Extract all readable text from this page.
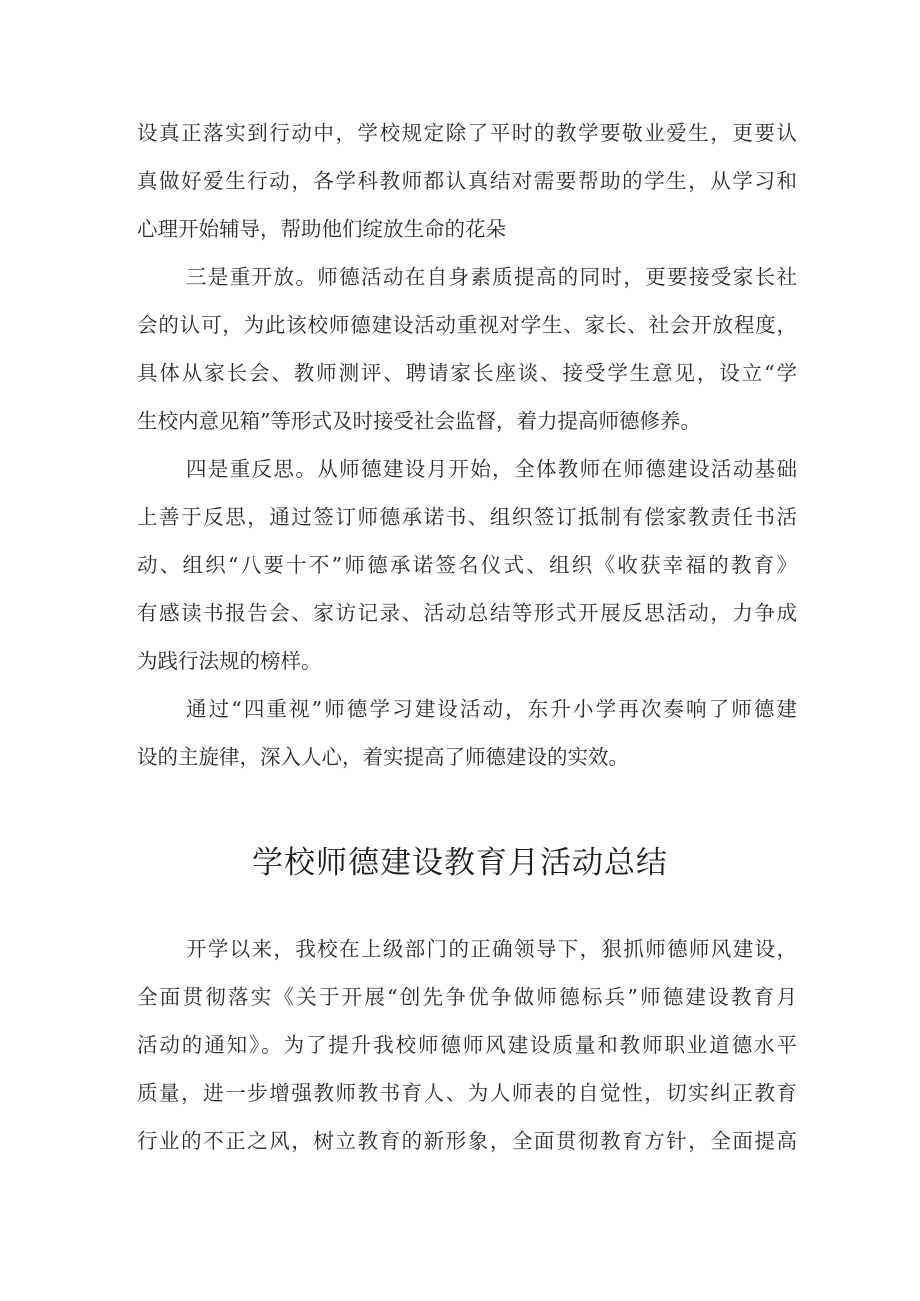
设真正落实到行动中，学校规定除了平时的教学要敬业爱生，更要认
真做好爱生行动，各学科教师都认真结对需要帮助的学生，从学习和
心理开始辅导，帮助他们绽放生命的花朵
三是重开放。师德活动在自身素质提高的同时，更要接受家长社
会的认可，为此该校师德建设活动重视对学生、家长、社会开放程度，
具体从家长会、教师测评、聘请家长座谈、接受学生意见，设立“学
生校内意见箱”等形式及时接受社会监督，着力提高师德修养。
四是重反思。从师德建设月开始，全体教师在师德建设活动基础
上善于反思，通过签订师德承诺书、组织签订抵制有偿家教责任书活
动、组织“八要十不”师德承诺签名仪式、组织《收获幸福的教育》
有感读书报告会、家访记录、活动总结等形式开展反思活动，力争成
为践行法规的榜样。
通过“四重视”师德学习建设活动，东升小学再次奏响了师德建
设的主旋律，深入人心，着实提高了师德建设的实效。
学校师德建设教育月活动总结
开学以来，我校在上级部门的正确领导下，狠抓师德师风建设，
全面贯彻落实《关于开展“创先争优争做师德标兵”师德建设教育月
活动的通知》。为了提升我校师德师风建设质量和教师职业道德水平
质量，进一步增强教师教书育人、为人师表的自觉性，切实纠正教育
行业的不正之风，树立教育的新形象，全面贯彻教育方针，全面提高
